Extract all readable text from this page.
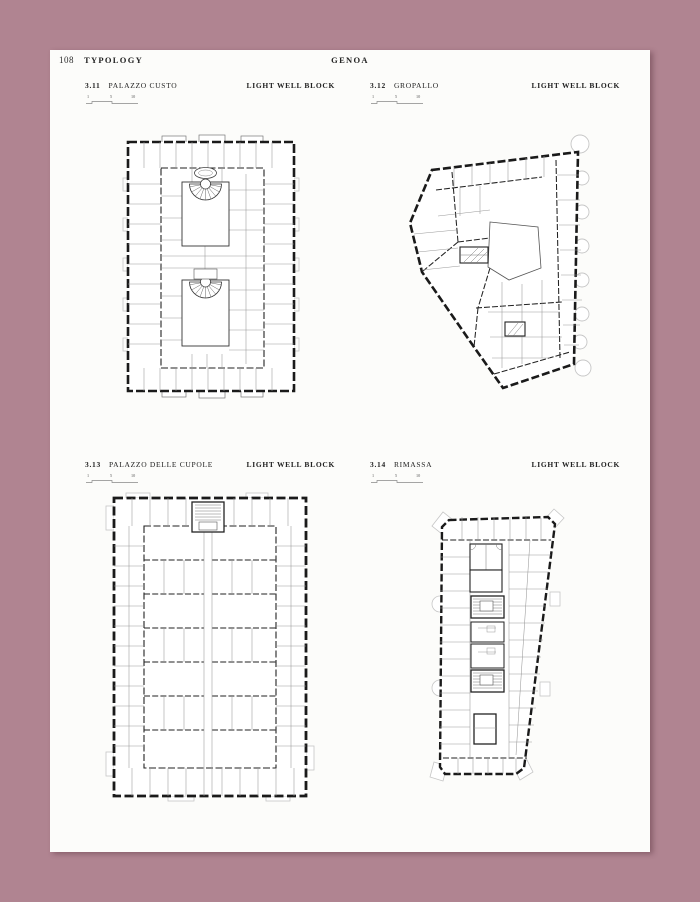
108 TYPOLOGY	GENOA
3.11 PALAZZO CUSTO	LIGHT WELL BLOCK	3.12 GROPALLO	LIGHT WELL BLOCK
3.13 PALAZZO DELLE CUPOLE	LIGHT WELL BLOCK	3.14 RIMASSA	LIGHT WELL BLOCK
1	5	10	1	5	10
1	5	10	1	5	10
